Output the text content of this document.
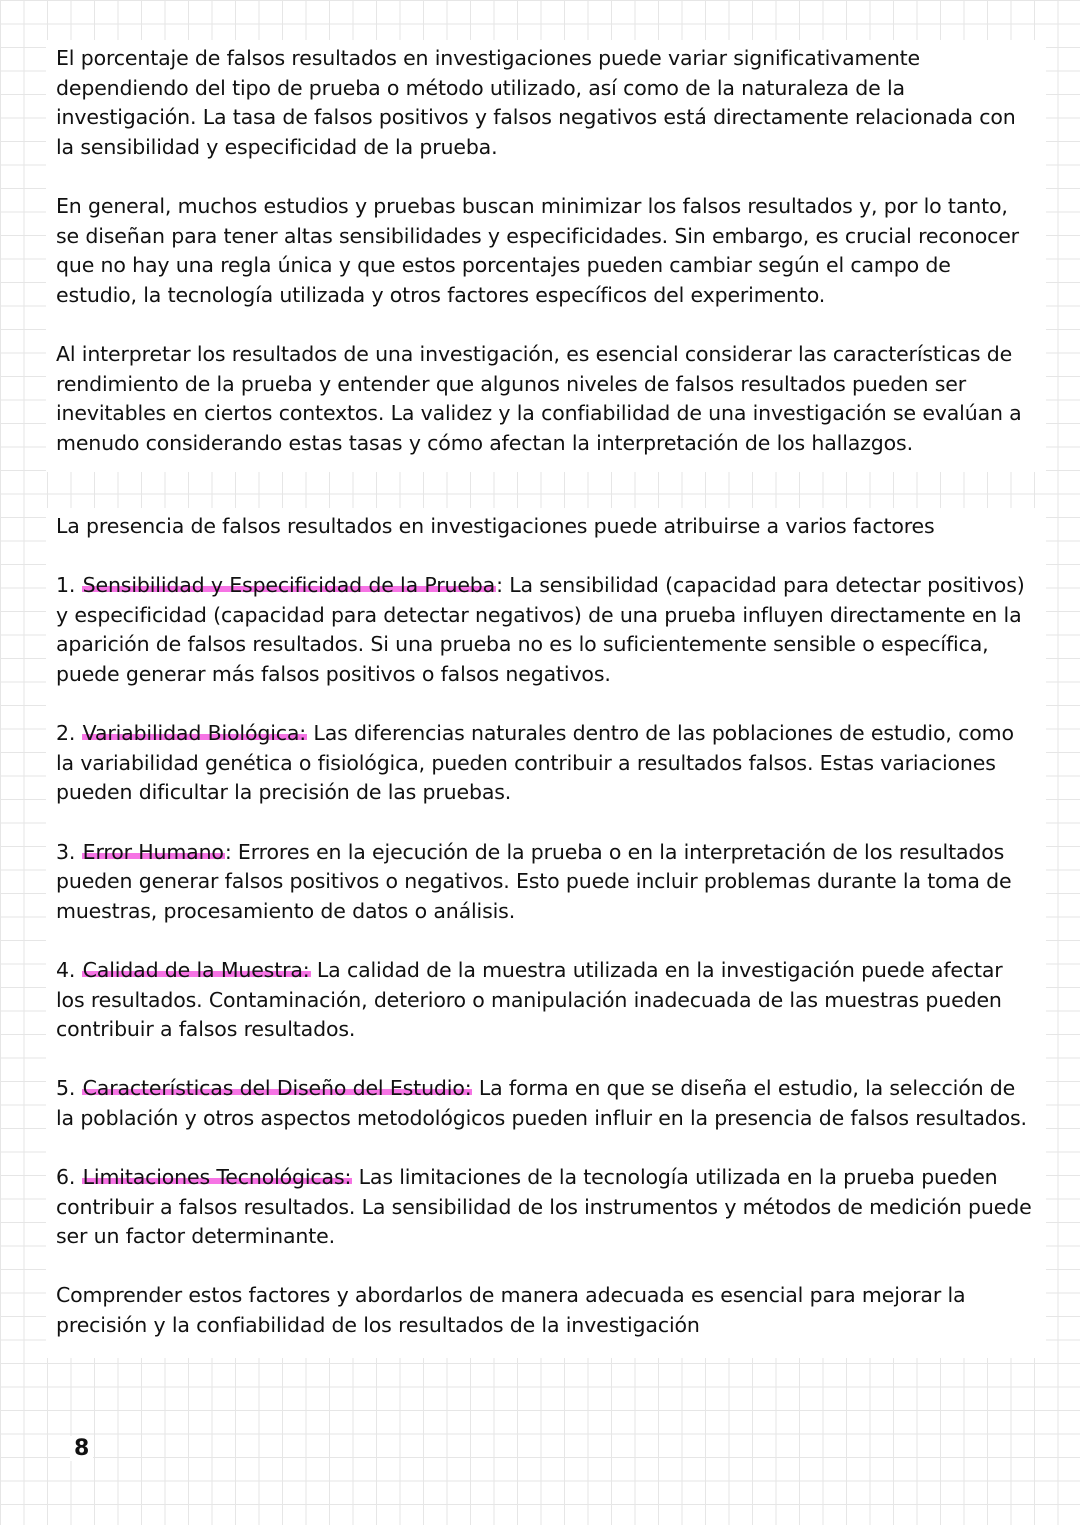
El porcentaje de falsos resultados en investigaciones puede variar significativamente dependiendo del tipo de prueba o método utilizado, así como de la naturaleza de la investigación. La tasa de falsos positivos y falsos negativos está directamente relacionada con la sensibilidad y especificidad de la prueba.

En general, muchos estudios y pruebas buscan minimizar los falsos resultados y, por lo tanto, se diseñan para tener altas sensibilidades y especificidades. Sin embargo, es crucial reconocer que no hay una regla única y que estos porcentajes pueden cambiar según el campo de estudio, la tecnología utilizada y otros factores específicos del experimento.

Al interpretar los resultados de una investigación, es esencial considerar las características de rendimiento de la prueba y entender que algunos niveles de falsos resultados pueden ser inevitables en ciertos contextos. La validez y la confiabilidad de una investigación se evalúan a menudo considerando estas tasas y cómo afectan la interpretación de los hallazgos.

La presencia de falsos resultados en investigaciones puede atribuirse a varios factores

1. Sensibilidad y Especificidad de la Prueba: La sensibilidad (capacidad para detectar positivos) y especificidad (capacidad para detectar negativos) de una prueba influyen directamente en la aparición de falsos resultados. Si una prueba no es lo suficientemente sensible o específica, puede generar más falsos positivos o falsos negativos.

2. Variabilidad Biológica: Las diferencias naturales dentro de las poblaciones de estudio, como la variabilidad genética o fisiológica, pueden contribuir a resultados falsos. Estas variaciones pueden dificultar la precisión de las pruebas.

3. Error Humano: Errores en la ejecución de la prueba o en la interpretación de los resultados pueden generar falsos positivos o negativos. Esto puede incluir problemas durante la toma de muestras, procesamiento de datos o análisis.

4. Calidad de la Muestra: La calidad de la muestra utilizada en la investigación puede afectar los resultados. Contaminación, deterioro o manipulación inadecuada de las muestras pueden contribuir a falsos resultados.

5. Características del Diseño del Estudio: La forma en que se diseña el estudio, la selección de la población y otros aspectos metodológicos pueden influir en la presencia de falsos resultados.

6. Limitaciones Tecnológicas: Las limitaciones de la tecnología utilizada en la prueba pueden contribuir a falsos resultados. La sensibilidad de los instrumentos y métodos de medición puede ser un factor determinante.

Comprender estos factores y abordarlos de manera adecuada es esencial para mejorar la precisión y la confiabilidad de los resultados de la investigación

8
